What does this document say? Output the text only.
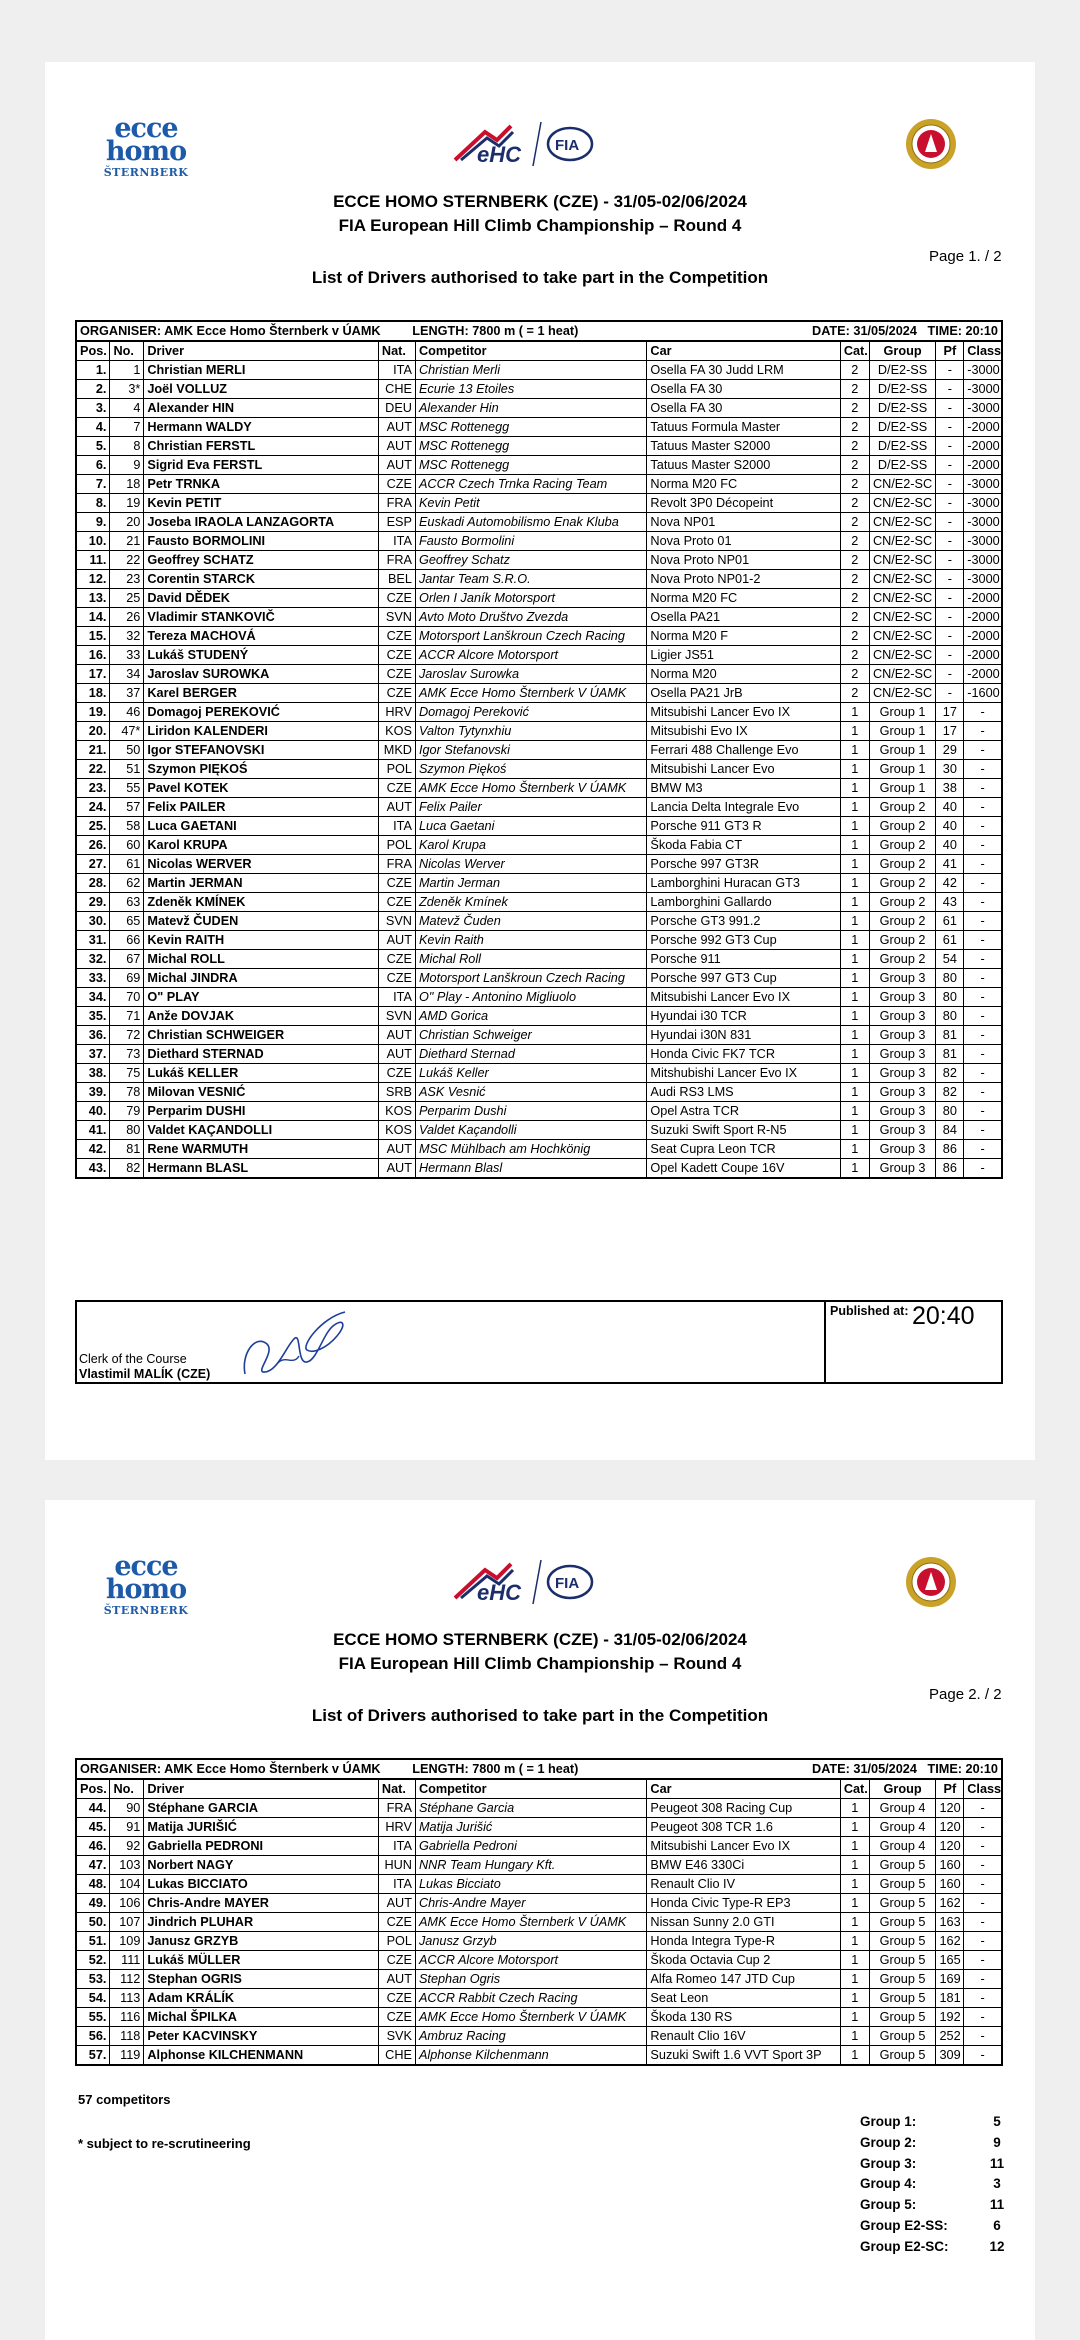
ecce
homo
ŠTERNBERK
eHC FIA
ECCE HOMO STERNBERK (CZE) - 31/05-02/06/2024
FIA European Hill Climb Championship – Round 4
Page 1. / 2
List of Drivers authorised to take part in the Competition
ORGANISER: AMK Ecce Homo Šternberk v ÚAMK LENGTH: 7800 m ( = 1 heat) DATE: 31/05/2024 TIME: 20:10									

Pos.	No.	Driver	Nat.	Competitor	Car	Cat.	Group	Pf	Class
1.	1	Christian MERLI	ITA	Christian Merli	Osella FA 30 Judd LRM	2	D/E2-SS	-	-3000
2.	3*	Joël VOLLUZ	CHE	Ecurie 13 Etoiles	Osella FA 30	2	D/E2-SS	-	-3000
3.	4	Alexander HIN	DEU	Alexander Hin	Osella FA 30	2	D/E2-SS	-	-3000
4.	7	Hermann WALDY	AUT	MSC Rottenegg	Tatuus Formula Master	2	D/E2-SS	-	-2000
5.	8	Christian FERSTL	AUT	MSC Rottenegg	Tatuus Master S2000	2	D/E2-SS	-	-2000
6.	9	Sigrid Eva FERSTL	AUT	MSC Rottenegg	Tatuus Master S2000	2	D/E2-SS	-	-2000
7.	18	Petr TRNKA	CZE	ACCR Czech Trnka Racing Team	Norma M20 FC	2	CN/E2-SC	-	-3000
8.	19	Kevin PETIT	FRA	Kevin Petit	Revolt 3P0 Décopeint	2	CN/E2-SC	-	-3000
9.	20	Joseba IRAOLA LANZAGORTA	ESP	Euskadi Automobilismo Enak Kluba	Nova NP01	2	CN/E2-SC	-	-3000
10.	21	Fausto BORMOLINI	ITA	Fausto Bormolini	Nova Proto 01	2	CN/E2-SC	-	-3000
11.	22	Geoffrey SCHATZ	FRA	Geoffrey Schatz	Nova Proto NP01	2	CN/E2-SC	-	-3000
12.	23	Corentin STARCK	BEL	Jantar Team S.R.O.	Nova Proto NP01-2	2	CN/E2-SC	-	-3000
13.	25	David DĚDEK	CZE	Orlen I Janík Motorsport	Norma M20 FC	2	CN/E2-SC	-	-2000
14.	26	Vladimir STANKOVIČ	SVN	Avto Moto Društvo Zvezda	Osella PA21	2	CN/E2-SC	-	-2000
15.	32	Tereza MACHOVÁ	CZE	Motorsport Lanškroun Czech Racing	Norma M20 F	2	CN/E2-SC	-	-2000
16.	33	Lukáš STUDENÝ	CZE	ACCR Alcore Motorsport	Ligier JS51	2	CN/E2-SC	-	-2000
17.	34	Jaroslav SUROWKA	CZE	Jaroslav Surowka	Norma M20	2	CN/E2-SC	-	-2000
18.	37	Karel BERGER	CZE	AMK Ecce Homo Šternberk V ÚAMK	Osella PA21 JrB	2	CN/E2-SC	-	-1600
19.	46	Domagoj PEREKOVIĆ	HRV	Domagoj Pereković	Mitsubishi Lancer Evo IX	1	Group 1	17	-
20.	47*	Liridon KALENDERI	KOS	Valton Tytynxhiu	Mitsubishi Evo IX	1	Group 1	17	-
21.	50	Igor STEFANOVSKI	MKD	Igor Stefanovski	Ferrari 488 Challenge Evo	1	Group 1	29	-
22.	51	Szymon PIĘKOŚ	POL	Szymon Piękoś	Mitsubishi Lancer Evo	1	Group 1	30	-
23.	55	Pavel KOTEK	CZE	AMK Ecce Homo Šternberk V ÚAMK	BMW M3	1	Group 1	38	-
24.	57	Felix PAILER	AUT	Felix Pailer	Lancia Delta Integrale Evo	1	Group 2	40	-
25.	58	Luca GAETANI	ITA	Luca Gaetani	Porsche 911 GT3 R	1	Group 2	40	-
26.	60	Karol KRUPA	POL	Karol Krupa	Škoda Fabia CT	1	Group 2	40	-
27.	61	Nicolas WERVER	FRA	Nicolas Werver	Porsche 997 GT3R	1	Group 2	41	-
28.	62	Martin JERMAN	CZE	Martin Jerman	Lamborghini Huracan GT3	1	Group 2	42	-
29.	63	Zdeněk KMÍNEK	CZE	Zdeněk Kmínek	Lamborghini Gallardo	1	Group 2	43	-
30.	65	Matevž ČUDEN	SVN	Matevž Čuden	Porsche GT3 991.2	1	Group 2	61	-
31.	66	Kevin RAITH	AUT	Kevin Raith	Porsche 992 GT3 Cup	1	Group 2	61	-
32.	67	Michal ROLL	CZE	Michal Roll	Porsche 911	1	Group 2	54	-
33.	69	Michal JINDRA	CZE	Motorsport Lanškroun Czech Racing	Porsche 997 GT3 Cup	1	Group 3	80	-
34.	70	O" PLAY	ITA	O" Play - Antonino Migliuolo	Mitsubishi Lancer Evo IX	1	Group 3	80	-
35.	71	Anže DOVJAK	SVN	AMD Gorica	Hyundai i30 TCR	1	Group 3	80	-
36.	72	Christian SCHWEIGER	AUT	Christian Schweiger	Hyundai i30N 831	1	Group 3	81	-
37.	73	Diethard STERNAD	AUT	Diethard Sternad	Honda Civic FK7 TCR	1	Group 3	81	-
38.	75	Lukáš KELLER	CZE	Lukáš Keller	Mitshubishi Lancer Evo IX	1	Group 3	82	-
39.	78	Milovan VESNIĆ	SRB	ASK Vesnić	Audi RS3 LMS	1	Group 3	82	-
40.	79	Perparim DUSHI	KOS	Perparim Dushi	Opel Astra TCR	1	Group 3	80	-
41.	80	Valdet KAÇANDOLLI	KOS	Valdet Kaçandolli	Suzuki Swift Sport R-N5	1	Group 3	84	-
42.	81	Rene WARMUTH	AUT	MSC Mühlbach am Hochkönig	Seat Cupra Leon TCR	1	Group 3	86	-
43.	82	Hermann BLASL	AUT	Hermann Blasl	Opel Kadett Coupe 16V	1	Group 3	86	-
Clerk of the Course
Vlastimil MALÍK (CZE)
Published at: 20:40
ecce
homo
ŠTERNBERK
eHC FIA
ECCE HOMO STERNBERK (CZE) - 31/05-02/06/2024
FIA European Hill Climb Championship – Round 4
Page 2. / 2
List of Drivers authorised to take part in the Competition
ORGANISER: AMK Ecce Homo Šternberk v ÚAMK LENGTH: 7800 m ( = 1 heat) DATE: 31/05/2024 TIME: 20:10									

Pos.	No.	Driver	Nat.	Competitor	Car	Cat.	Group	Pf	Class
44.	90	Stéphane GARCIA	FRA	Stéphane Garcia	Peugeot 308 Racing Cup	1	Group 4	120	-
45.	91	Matija JURIŠIĆ	HRV	Matija Jurišić	Peugeot 308 TCR 1.6	1	Group 4	120	-
46.	92	Gabriella PEDRONI	ITA	Gabriella Pedroni	Mitsubishi Lancer Evo IX	1	Group 4	120	-
47.	103	Norbert NAGY	HUN	NNR Team Hungary Kft.	BMW E46 330Ci	1	Group 5	160	-
48.	104	Lukas BICCIATO	ITA	Lukas Bicciato	Renault Clio IV	1	Group 5	160	-
49.	106	Chris-Andre MAYER	AUT	Chris-Andre Mayer	Honda Civic Type-R EP3	1	Group 5	162	-
50.	107	Jindrich PLUHAR	CZE	AMK Ecce Homo Šternberk V ÚAMK	Nissan Sunny 2.0 GTI	1	Group 5	163	-
51.	109	Janusz GRZYB	POL	Janusz Grzyb	Honda Integra Type-R	1	Group 5	162	-
52.	111	Lukáš MÜLLER	CZE	ACCR Alcore Motorsport	Škoda Octavia Cup 2	1	Group 5	165	-
53.	112	Stephan OGRIS	AUT	Stephan Ogris	Alfa Romeo 147 JTD Cup	1	Group 5	169	-
54.	113	Adam KRÁLÍK	CZE	ACCR Rabbit Czech Racing	Seat Leon	1	Group 5	181	-
55.	116	Michal ŠPILKA	CZE	AMK Ecce Homo Šternberk V ÚAMK	Škoda 130 RS	1	Group 5	192	-
56.	118	Peter KACVINSKY	SVK	Ambruz Racing	Renault Clio 16V	1	Group 5	252	-
57.	119	Alphonse KILCHENMANN	CHE	Alphonse Kilchenmann	Suzuki Swift 1.6 VVT Sport 3P	1	Group 5	309	-
57 competitors
* subject to re-scrutineering
Group 1:	5
Group 2:	9
Group 3:	11
Group 4:	3
Group 5:	11
Group E2-SS:	6
Group E2-SC:	12
